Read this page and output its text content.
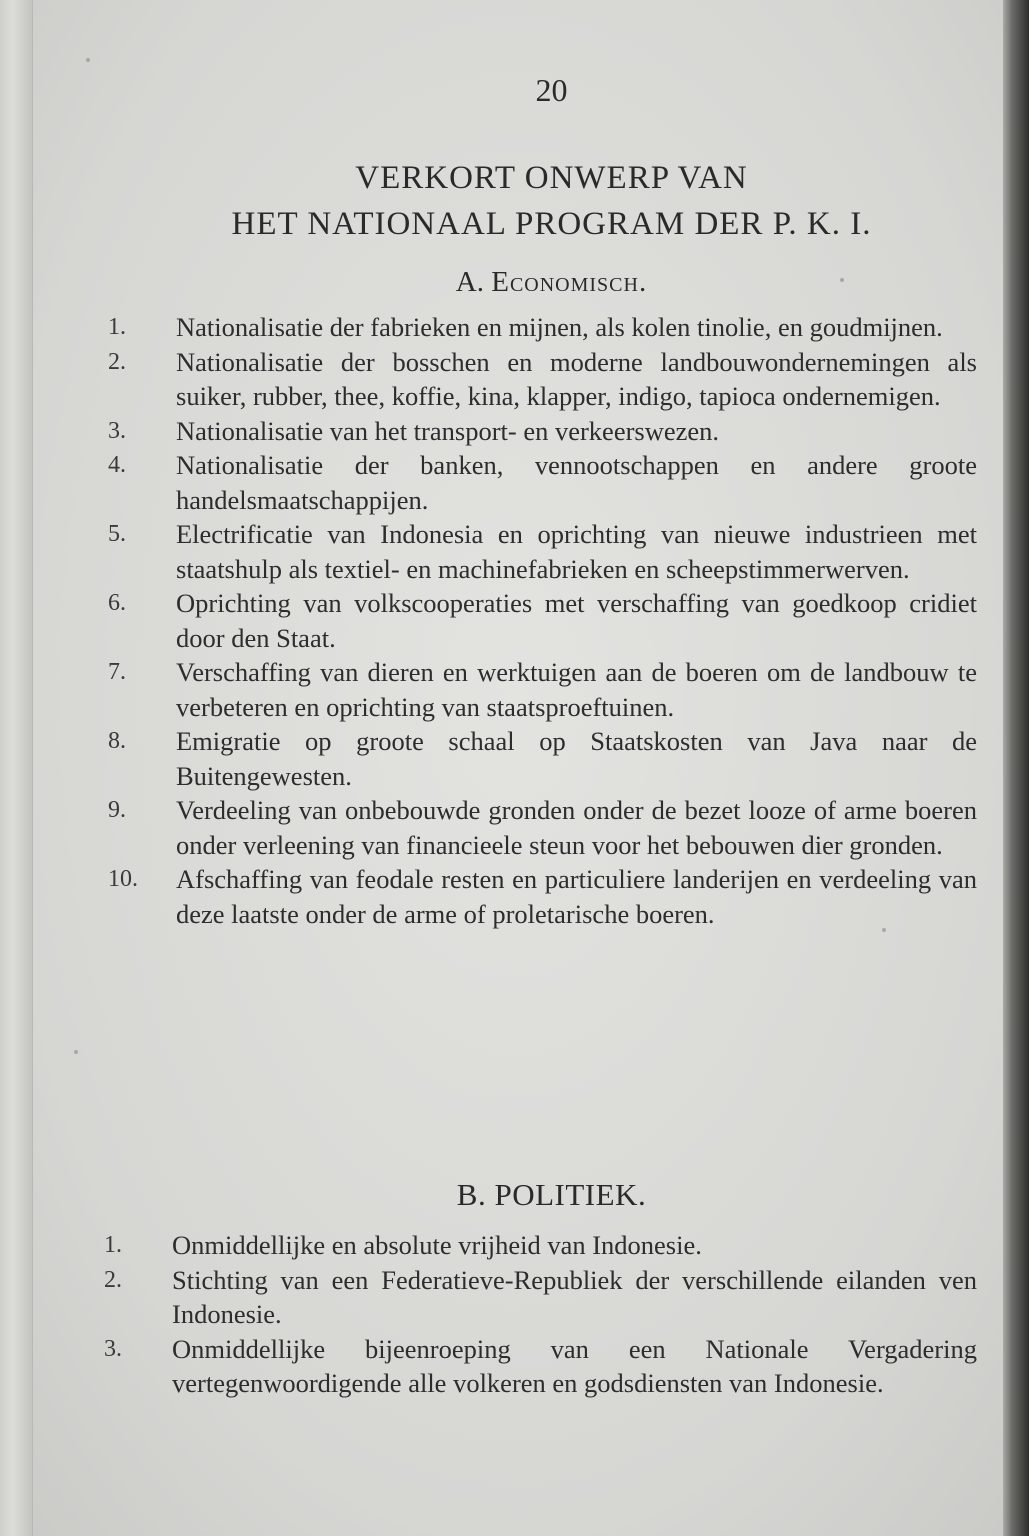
20
VERKORT ONWERP VAN
HET NATIONAAL PROGRAM DER P. K. I.
A. Economisch.
1. Nationalisatie der fabrieken en mijnen, als kolen tinolie, en goudmijnen.
2. Nationalisatie der bosschen en moderne landbouwondernemingen als suiker, rubber, thee, koffie, kina, klapper, indigo, tapioca ondernemigen.
3. Nationalisatie van het transport- en verkeerswezen.
4. Nationalisatie der banken, vennootschappen en andere groote handelsmaatschappijen.
5. Electrificatie van Indonesia en oprichting van nieuwe industrieen met staatshulp als textiel- en machinefabrieken en scheepstimmerwerven.
6. Oprichting van volkscooperaties met verschaffing van goedkoop cridiet door den Staat.
7. Verschaffing van dieren en werktuigen aan de boeren om de landbouw te verbeteren en oprichting van staatsproeftuinen.
8. Emigratie op groote schaal op Staatskosten van Java naar de Buitengewesten.
9. Verdeeling van onbebouwde gronden onder de bezet looze of arme boeren onder verleening van financieele steun voor het bebouwen dier gronden.
10. Afschaffing van feodale resten en particuliere landerijen en verdeeling van deze laatste onder de arme of proletarische boeren.
B. POLITIEK.
1. Onmiddellijke en absolute vrijheid van Indonesie.
2. Stichting van een Federatieve-Republiek der verschillende eilanden ven Indonesie.
3. Onmiddellijke bijeenroeping van een Nationale Vergadering vertegenwoordigende alle volkeren en godsdiensten van Indonesie.
